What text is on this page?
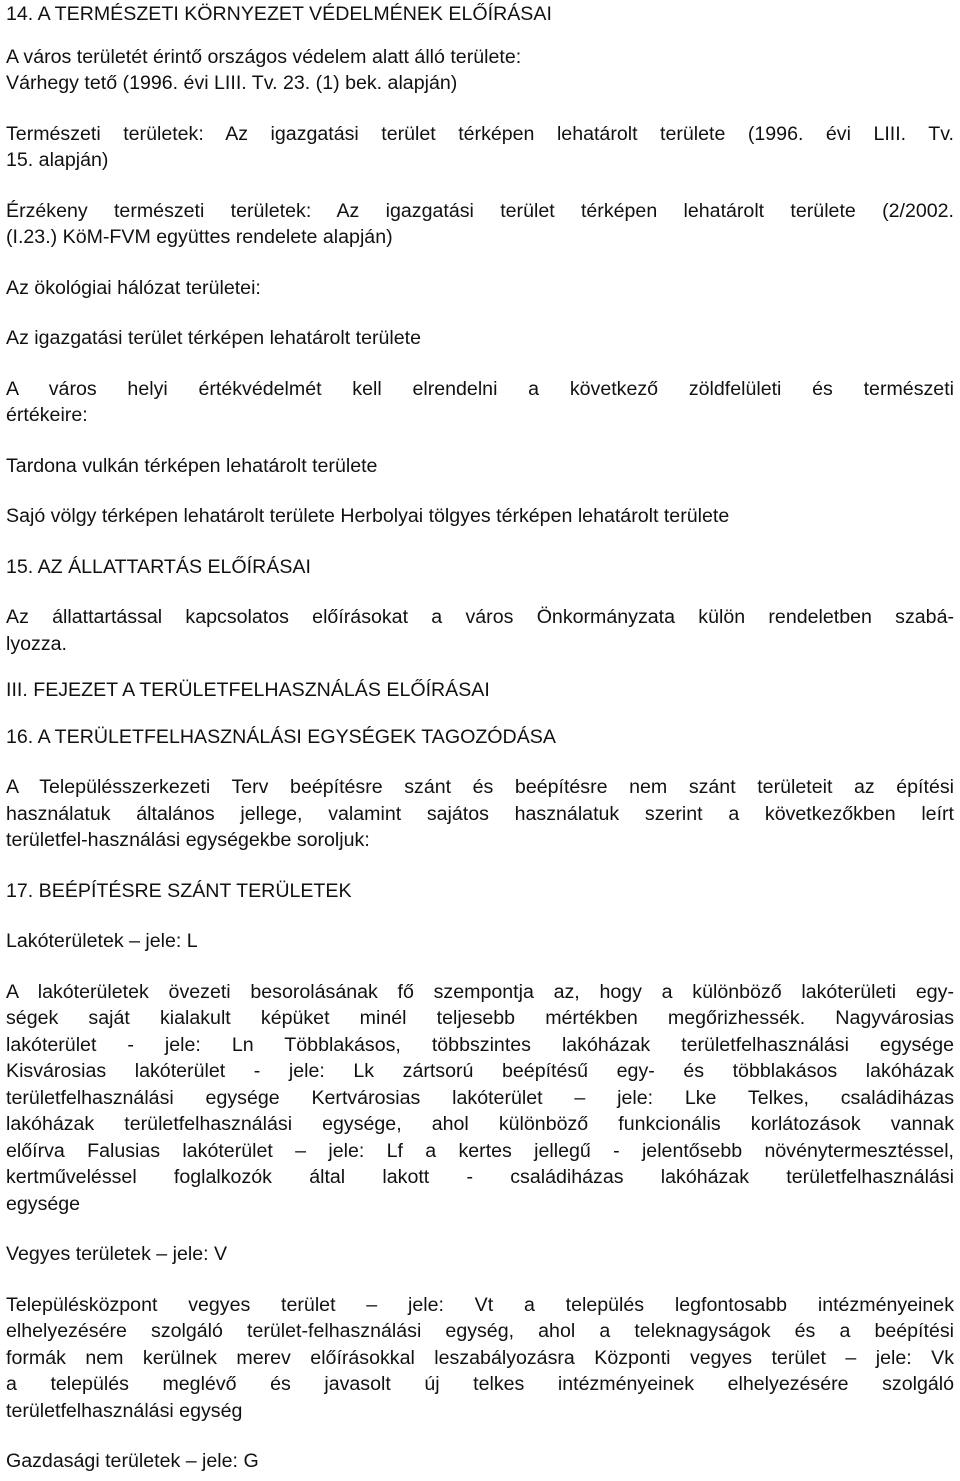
14. A TERMÉSZETI KÖRNYEZET VÉDELMÉNEK ELŐÍRÁSAI

A város területét érintő országos védelem alatt álló területe:

Várhegy tető (1996. évi LIII. Tv. 23. (1) bek. alapján)

Természeti területek: Az igazgatási terület térképen lehatárolt területe (1996. évi LIII. Tv.

15. alapján)

Érzékeny természeti területek: Az igazgatási terület térképen lehatárolt területe (2/2002.

(I.23.) KöM-FVM együttes rendelete alapján)

Az ökológiai hálózat területei:

Az igazgatási terület térképen lehatárolt területe

A város helyi értékvédelmét kell elrendelni a következő zöldfelületi és természeti

értékeire:

Tardona vulkán térképen lehatárolt területe

Sajó völgy térképen lehatárolt területe Herbolyai tölgyes térképen lehatárolt területe

15. AZ ÁLLATTARTÁS ELŐÍRÁSAI

Az állattartással kapcsolatos előírásokat a város Önkormányzata külön rendeletben szabá-

lyozza.

III. FEJEZET A TERÜLETFELHASZNÁLÁS ELŐÍRÁSAI

16. A TERÜLETFELHASZNÁLÁSI EGYSÉGEK TAGOZÓDÁSA

A Településszerkezeti Terv beépítésre szánt és beépítésre nem szánt területeit az építési

használatuk általános jellege, valamint sajátos használatuk szerint a következőkben leírt

területfel-használási egységekbe soroljuk:

17. BEÉPÍTÉSRE SZÁNT TERÜLETEK

Lakóterületek – jele: L

A lakóterületek övezeti besorolásának fő szempontja az, hogy a különböző lakóterületi egy-

ségek saját kialakult képüket minél teljesebb mértékben megőrizhessék. Nagyvárosias

lakóterület - jele: Ln Többlakásos, többszintes lakóházak területfelhasználási egysége

Kisvárosias lakóterület - jele: Lk zártsorú beépítésű egy- és többlakásos lakóházak

területfelhasználási egysége Kertvárosias lakóterület – jele: Lke Telkes, családiházas

lakóházak területfelhasználási egysége, ahol különböző funkcionális korlátozások vannak

előírva Falusias lakóterület – jele: Lf a kertes jellegű - jelentősebb növénytermesztéssel,

kertműveléssel foglalkozók által lakott - családiházas lakóházak területfelhasználási

egysége

Vegyes területek – jele: V

Településközpont vegyes terület – jele: Vt a település legfontosabb intézményeinek

elhelyezésére szolgáló terület-felhasználási egység, ahol a teleknagyságok és a beépítési

formák nem kerülnek merev előírásokkal leszabályozásra Központi vegyes terület – jele: Vk

a település meglévő és javasolt új telkes intézményeinek elhelyezésére szolgáló

területfelhasználási egység

Gazdasági területek – jele: G
